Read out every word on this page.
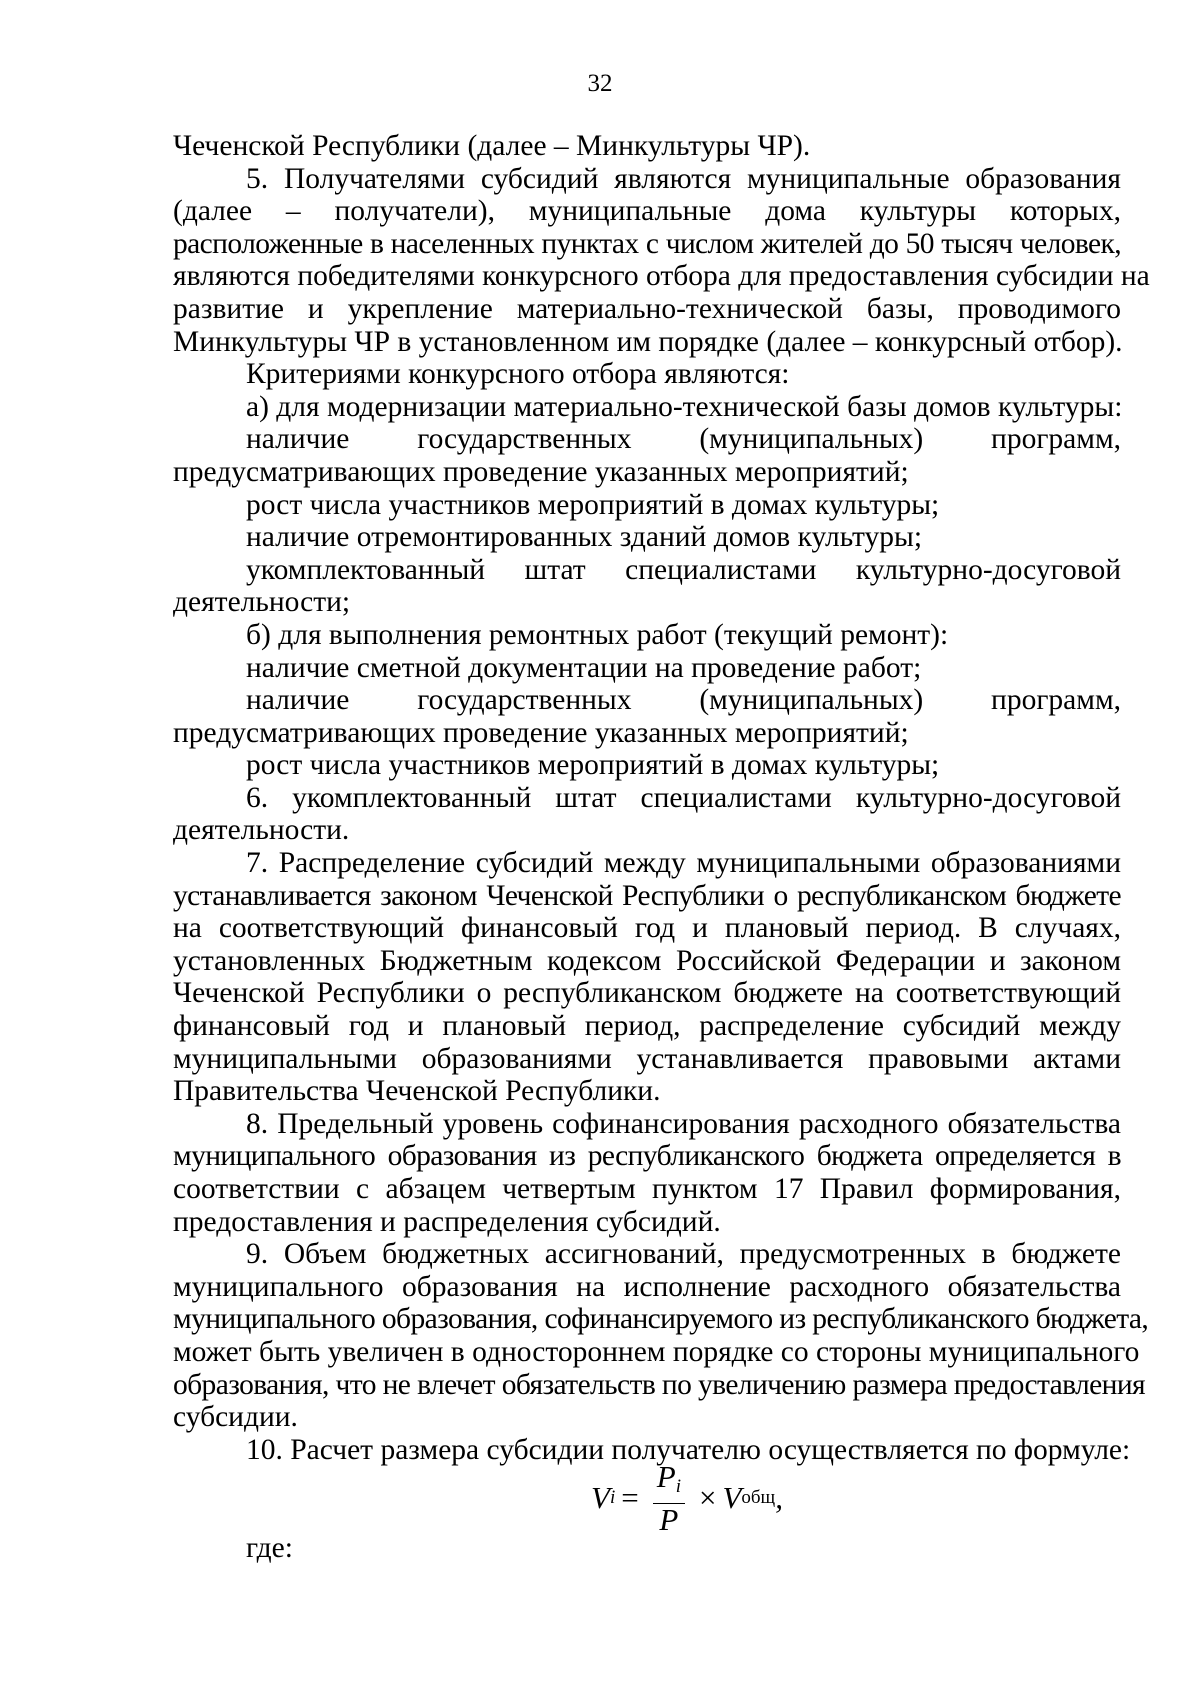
32
Чеченской Республики (далее – Минкультуры ЧР).
5. Получателями субсидий являются муниципальные образования
(далее – получатели), муниципальные дома культуры которых,
расположенные в населенных пунктах с числом жителей до 50 тысяч человек,
являются победителями конкурсного отбора для предоставления субсидии на
развитие и укрепление материально-технической базы, проводимого
Минкультуры ЧР в установленном им порядке (далее – конкурсный отбор).
Критериями конкурсного отбора являются:
а) для модернизации материально-технической базы домов культуры:
наличие государственных (муниципальных) программ,
предусматривающих проведение указанных мероприятий;
рост числа участников мероприятий в домах культуры;
наличие отремонтированных зданий домов культуры;
укомплектованный штат специалистами культурно-досуговой
деятельности;
б) для выполнения ремонтных работ (текущий ремонт):
наличие сметной документации на проведение работ;
наличие государственных (муниципальных) программ,
предусматривающих проведение указанных мероприятий;
рост числа участников мероприятий в домах культуры;
6. укомплектованный штат специалистами культурно-досуговой
деятельности.
7. Распределение субсидий между муниципальными образованиями
устанавливается законом Чеченской Республики о республиканском бюджете
на соответствующий финансовый год и плановый период. В случаях,
установленных Бюджетным кодексом Российской Федерации и законом
Чеченской Республики о республиканском бюджете на соответствующий
финансовый год и плановый период, распределение субсидий между
муниципальными образованиями устанавливается правовыми актами
Правительства Чеченской Республики.
8. Предельный уровень софинансирования расходного обязательства
муниципального образования из республиканского бюджета определяется в
соответствии с абзацем четвертым пунктом 17 Правил формирования,
предоставления и распределения субсидий.
9. Объем бюджетных ассигнований, предусмотренных в бюджете
муниципального образования на исполнение расходного обязательства
муниципального образования, софинансируемого из республиканского бюджета,
может быть увеличен в одностороннем порядке со стороны муниципального
образования, что не влечет обязательств по увеличению размера предоставления
субсидии.
10. Расчет размера субсидии получателю осуществляется по формуле:
V $i = \frac{P_i}{P} \times V$ общ ,
где:
